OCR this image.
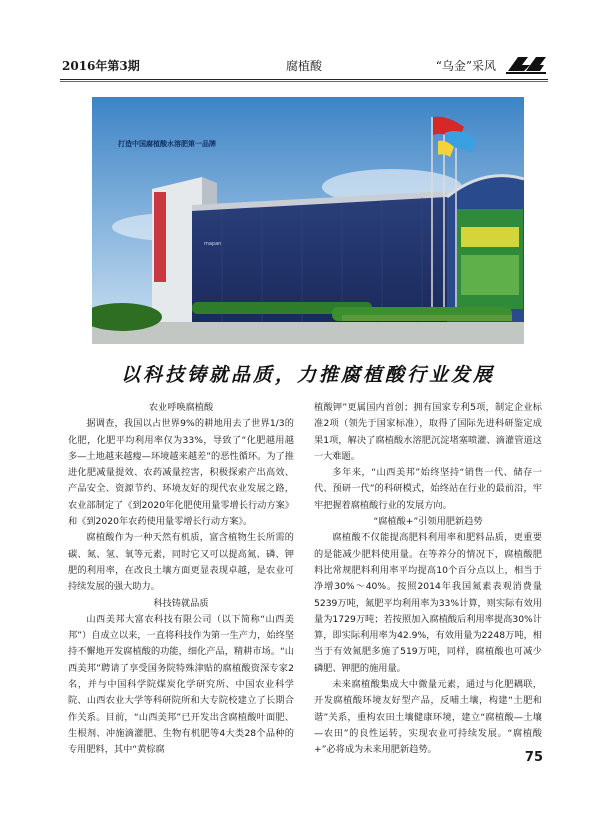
2016年第3期	腐植酸	“乌金”采风
mapan
打造中国腐植酸水溶肥第一品牌
以科技铸就品质，力推腐植酸行业发展
农业呼唤腐植酸

据调查，我国以占世界9%的耕地用去了世界1/3的化肥，化肥平均利用率仅为33%，导致了“化肥越用越多—土地越来越瘦—环境越来越差”的恶性循环。为了推进化肥减量提效、农药减量控害，积极探索产出高效、产品安全、资源节约、环境友好的现代农业发展之路，农业部制定了《到2020年化肥使用量零增长行动方案》和《到2020年农药使用量零增长行动方案》。

腐植酸作为一种天然有机质，富含植物生长所需的碳、氮、氢、氧等元素，同时它又可以提高氮、磷、钾肥的利用率，在改良土壤方面更显表现卓越，是农业可持续发展的强大助力。

科技铸就品质

山西美邦大富农科技有限公司（以下简称“山西美邦”）自成立以来，一直将科技作为第一生产力，始终坚持不懈地开发腐植酸的功能，细化产品，精耕市场。“山西美邦”聘请了享受国务院特殊津贴的腐植酸资深专家2名，并与中国科学院煤炭化学研究所、中国农业科学院、山西农业大学等科研院所和大专院校建立了长期合作关系。目前，“山西美邦”已开发出含腐植酸叶面肥、生根剂、冲施滴灌肥、生物有机肥等4大类28个品种的专用肥料，其中“黄棕腐

植酸钾”更属国内首创；拥有国家专利5项，制定企业标准2项（领先于国家标准），取得了国际先进科研鉴定成果1项，解决了腐植酸水溶肥沉淀堵塞喷灌、滴灌管道这一大难题。

多年来，“山西美邦”始终坚持“销售一代、储存一代、预研一代”的科研模式，始终站在行业的最前沿，牢牢把握着腐植酸行业的发展方向。

“腐植酸+”引领用肥新趋势

腐植酸不仅能提高肥料利用率和肥料品质，更重要的是能减少肥料使用量。在等养分的情况下，腐植酸肥料比常规肥料利用率平均提高10个百分点以上，相当于净增30%～40%。按照2014年我国氮素表观消费量5239万吨，氮肥平均利用率为33%计算，则实际有效用量为1729万吨；若按照加入腐植酸后利用率提高30%计算，即实际利用率为42.9%，有效用量为2248万吨，相当于有效氮肥多施了519万吨，同样，腐植酸也可减少磷肥、钾肥的施用量。

未来腐植酸集成大中微量元素，通过与化肥耦联，开发腐植酸环境友好型产品，反哺土壤，构建“土肥和谐”关系，重构农田土壤健康环境，建立“腐植酸—土壤—农田”的良性运转，实现农业可持续发展。“腐植酸+”必将成为未来用肥新趋势。

75
